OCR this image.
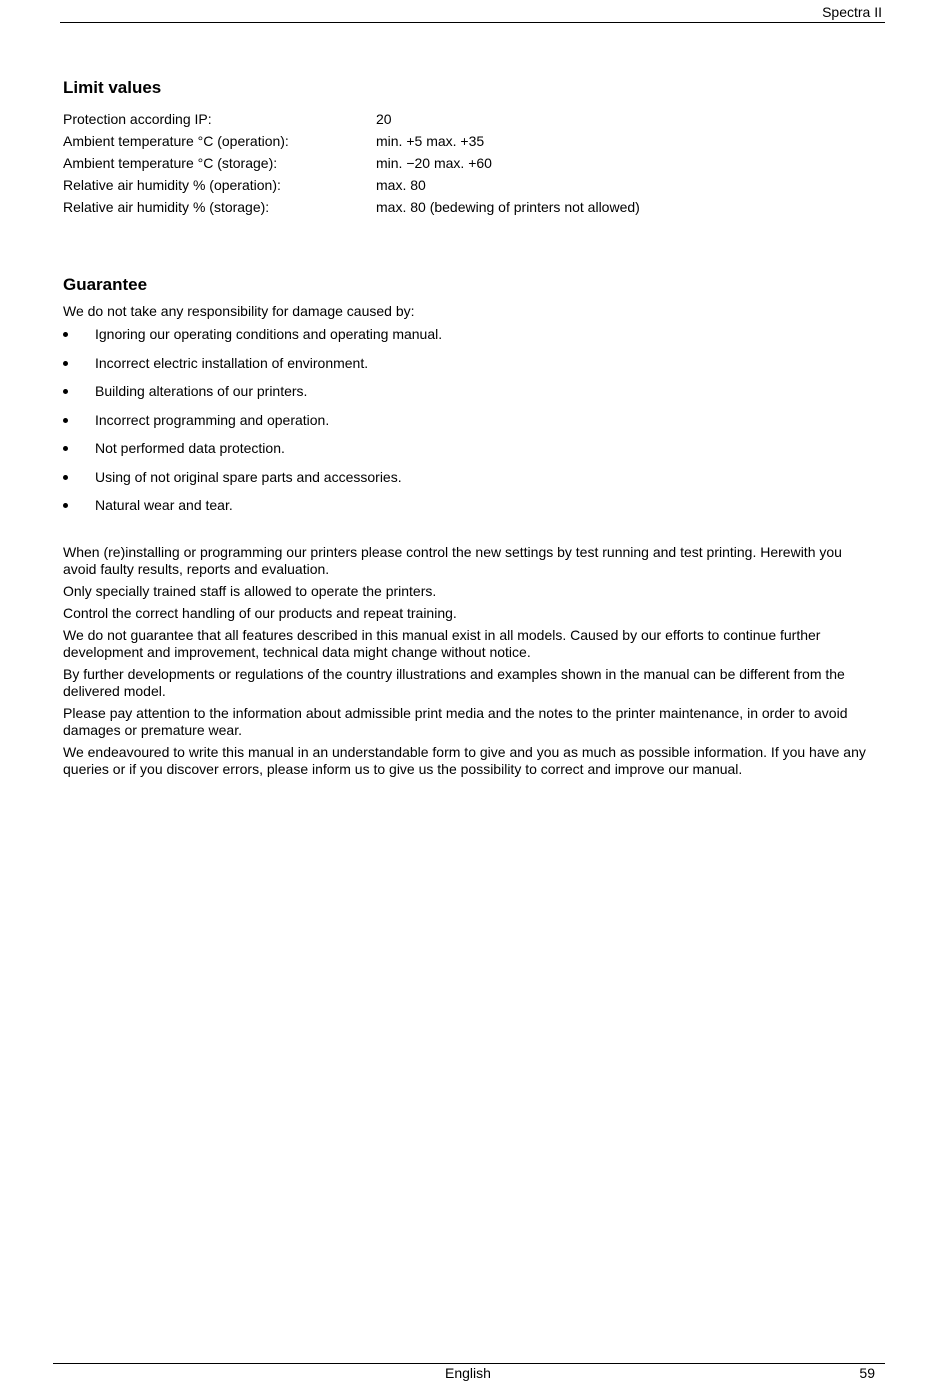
Spectra II
Limit values
Protection according IP:	20
Ambient temperature °C (operation):	min. +5 max. +35
Ambient temperature °C (storage):	min. −20 max. +60
Relative air humidity % (operation):	max. 80
Relative air humidity % (storage):	max. 80 (bedewing of printers not allowed)
Guarantee

We do not take any responsibility for damage caused by:

Ignoring our operating conditions and operating manual.
Incorrect electric installation of environment.
Building alterations of our printers.
Incorrect programming and operation.
Not performed data protection.
Using of not original spare parts and accessories.
Natural wear and tear.

When (re)installing or programming our printers please control the new settings by test running and test printing. Herewith you avoid faulty results, reports and evaluation.

Only specially trained staff is allowed to operate the printers.

Control the correct handling of our products and repeat training.

We do not guarantee that all features described in this manual exist in all models. Caused by our efforts to continue further development and improvement, technical data might change without notice.

By further developments or regulations of the country illustrations and examples shown in the manual can be different from the delivered model.

Please pay attention to the information about admissible print media and the notes to the printer maintenance, in order to avoid damages or premature wear.

We endeavoured to write this manual in an understandable form to give and you as much as possible information. If you have any queries or if you discover errors, please inform us to give us the possibility to correct and improve our manual.

English	59
